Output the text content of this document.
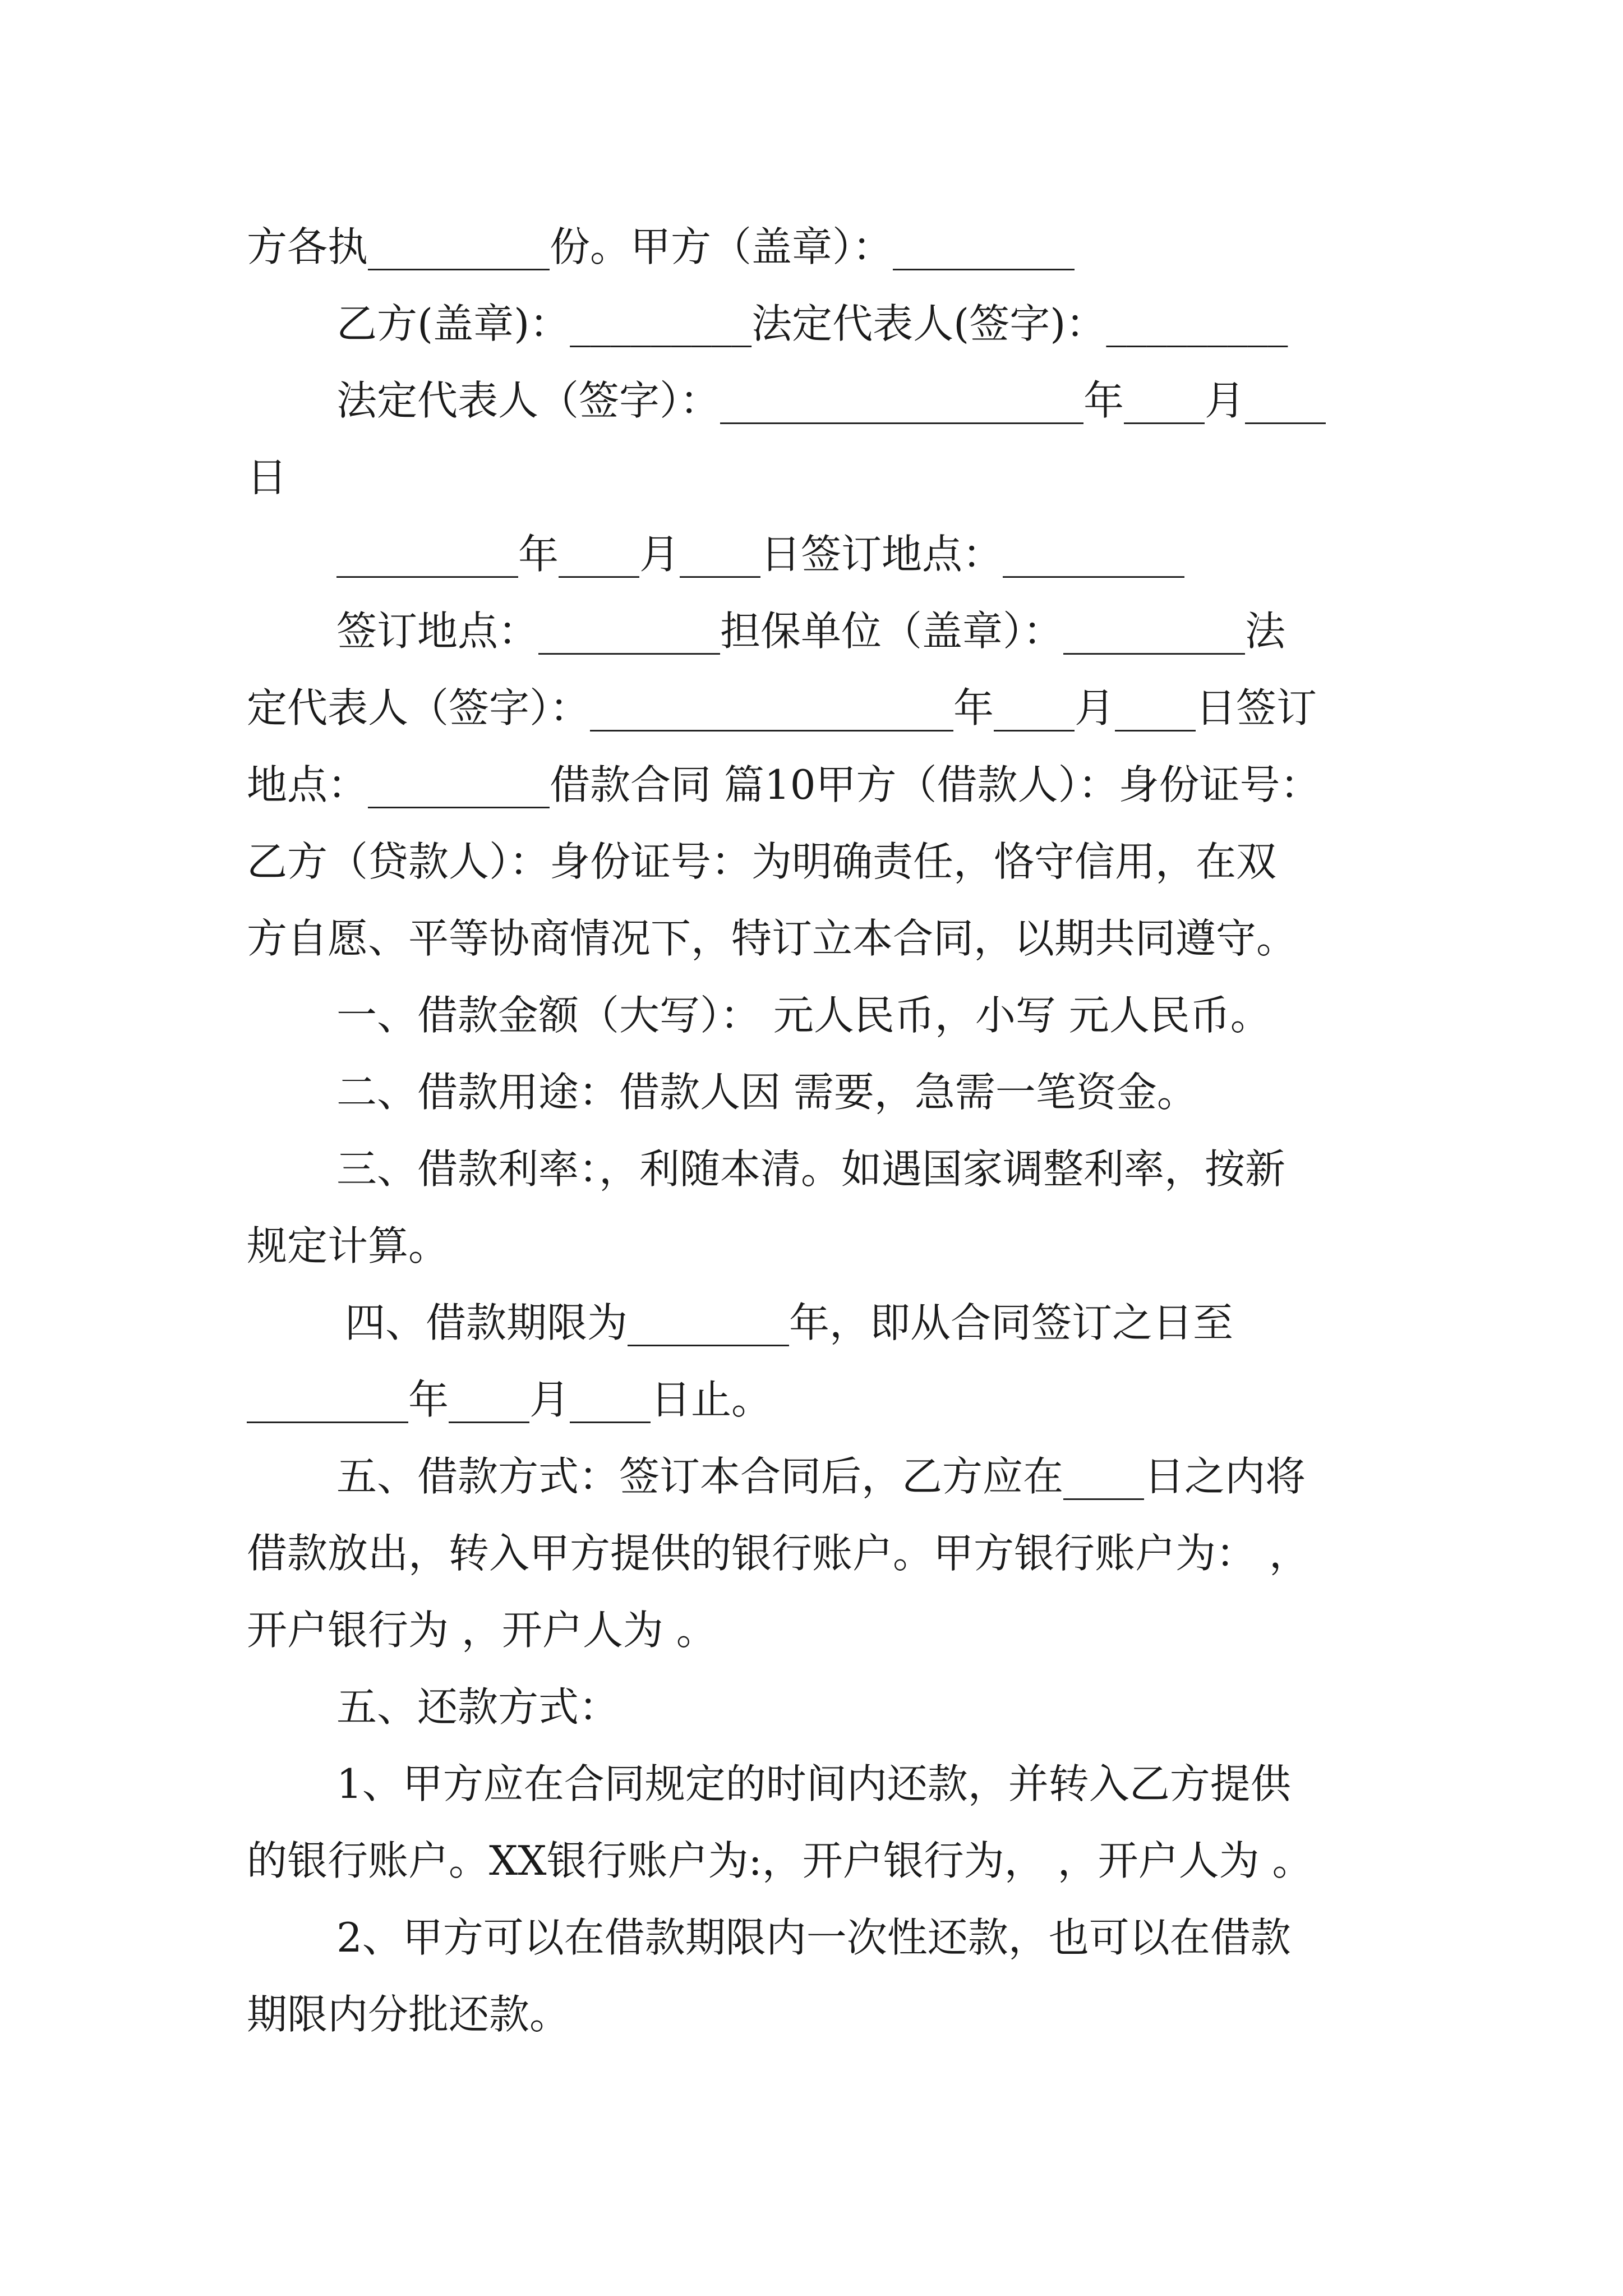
方各执_________份。甲方（盖章）：_________
乙方(盖章)：_________法定代表人(签字)：_________
法定代表人（签字）：__________________年____月____
日
_________年____月____日签订地点：_________
签订地点：_________担保单位（盖章）：_________法
定代表人（签字）：__________________年____月____日签订
地点：_________借款合同 篇10甲方（借款人）：身份证号：
乙方（贷款人）：身份证号：为明确责任，恪守信用，在双
方自愿、平等协商情况下，特订立本合同，以期共同遵守。
一、借款金额（大写）： 元人民币，小写 元人民币。
二、借款用途：借款人因 需要，急需一笔资金。
三、借款利率：，利随本清。如遇国家调整利率，按新
规定计算。
四、借款期限为________年，即从合同签订之日至
________年____月____日止。
五、借款方式：签订本合同后，乙方应在____日之内将
借款放出，转入甲方提供的银行账户。甲方银行账户为： ，
开户银行为 ，开户人为 。
五、还款方式：
1、甲方应在合同规定的时间内还款，并转入乙方提供
的银行账户。XX银行账户为:，开户银行为， ，开户人为 。
2、甲方可以在借款期限内一次性还款，也可以在借款
期限内分批还款。
